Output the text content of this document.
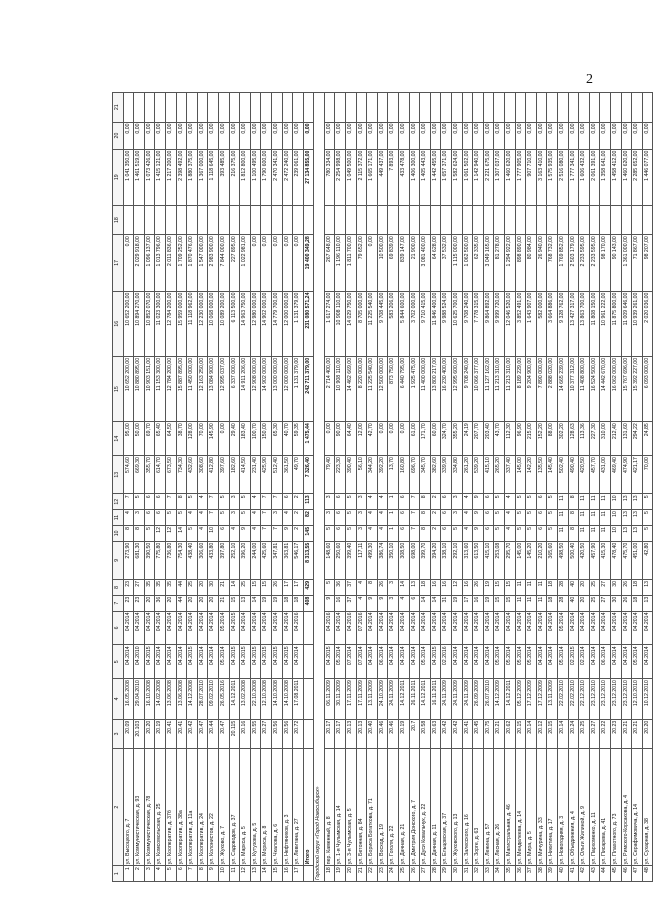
2
1	2	3	4	5	6	7	8	9	10	11	12	13	14	15	16	17	18	19	20	21
1	ул. Высоцкого, д. 7	20.09	16.05.2008	04.2014	04.2014	23	23	273,90	8	4	7	574,60	95,00	10 652 200,00	10 652 200,00	0,00		1 041 350,00	0,00	
2	ул. Коммунистическая, д. 93	20.103	29.04.2010	04.2010	04.2014	23	27	681,30	8	3	5	669,30	50,00	10 880 895,00	10 894 270,00	2 029 918,00		1 461 519,00	0,00	
3	ул. Коммунистическая, д. 78	20.20	16.10.2008	04.2015	04.2014	20	35	390,50	5	6	6	355,70	69,70	10 903 151,00	10 852 070,00	1 096 137,00		1 073 426,00	0,00	
4	ул. Комсомольская, д. 25	20.19	14.02.2008	04.2014	04.2014	36	35	775,80	12	6	6	614,70	65,40	11 153 300,00	11 023 300,00	1 013 796,00		1 415 121,00	0,00	
5	ул. Кооператив, д. 37б	20.41	13.06.2008	04.2014	04.2014	20	35	736,80	12	5	7	673,50	64,50	12 784 200,00	12 784 200,00	2 011 836,00		1 217 200,00	0,00	
6	ул. Кооператив, д. 38а	20.41	13.06.2008	04.2014	04.2014	44	44	754,30	14	5	8	734,30	38,70	15 887 895,00	15 959 000,00	1 709 252,00		2 398 492,00	0,00	
7	ул. Кооператив, д. 11а	20.42	14.12.2008	04.2015	04.2014	20	25	438,40	5	4	5	432,60	128,00	11 450 000,00	11 118 962,00	1 870 476,00		1 880 375,00	0,00	
8	ул. Кооператив, д. 24	20.47	28.07.2010	04.2014	04.2014	20	20	306,60	4	4	4	308,60	70,00	12 163 250,00	12 230 000,00	1 547 000,00		1 367 000,00	0,00	
9	ул. Колонистов, д. 22	20.44	09.02.2010	04.2014	04.2014	20	30	433,80	10	7	7	412,80	145,90	13 084 900,00	10 068 000,00	2 983 900,00		1 118 645,00	0,00	
10	ул. Жуково, д. 7	20.47	26.05.2016	05.2014	05.2014	21	21	397,80	6	5	5	397,60	0,00	12 995 037,00	10 089 200,00	7 844 000,00		393 485,00	0,00	
11	ул. Садоводов, д. 37	20.115	14.12.2011	04.2015	04.2015	15	14	252,10	4	3	3	182,60	29,40	6 337 000,00	6 113 500,00	227 895,00		216 375,00	0,00	
12	ул. Маркса, д. 5	20.16	13.02.2008	04.2015	04.2014	13	25	396,20	9	5	5	414,50	183,40	14 911 206,00	14 963 750,00	1 022 981,00		1 812 800,00	0,00	
13	ул. Кутузова, д. 5	20.55	22.10.2008	04.2015	04.2014	14	15	244,00	4	4	4	231,40	100,70	12 908 000,00	12 980 000,00	0,00		1 100 495,00	0,00	
14	ул. Мориса, д. 8	20.27	12.10.2008	04.2015	04.2014	19	15	425,60	7	7	7	425,90	150,00	14 902 000,00	14 902 000,00	0,00		1 790 600,00	0,00	
15	ул. Чкалова, д. 6	20.56	14.10.2008	04.2015	04.2014	19	26	347,81	7	3	7	512,40	65,30	13 000 000,00	14 779 700,00	0,00		2 470 341,00	0,00	
16	ул. Нефтяников, д. 3	20.56	14.10.2008	04.2015	04.2014	18	17	363,81	9	4	6	361,50	40,70	12 000 000,00	12 000 000,00	0,00		2 472 240,00	0,00	
17	ул. Левитана, д. 27	20.72	17.08.2011	04.2014	04.2016	18	17	546,17	2	2	2	49,70	59,35	1 131 379,00	1 131 379,00	0,00		239 061,00	0,00	
	Итого					408	429	8 313,55	145	82	113	7 326,40	1 475,44	242 711 379,00	231 080 571,24	19 400 349,28		27 134 855,00	0,00	
Городской округ «Город Новосибирск»																				
18	пер. Каменный, д. 8	20.17	06.11.2009	04.2015	04.2016	9	5	148,60	5	3	3	79,40	0,00	2 714 400,00	1 617 274,00	267 648,00		780 334,00	0,00	
19	ул. 1-я Чулымская, д. 14	20.17	30.11.2009	05.2014	04.2014	16	36	250,60	6	6	6	223,30	90,00	10 908 110,00	10 908 110,00	1 196 110,00		2 254 998,00	0,00	
20	ул. 3-я Чулымская, д. 5	20.13	17.11.2009	07.2014	04.2016	37	37	399,40	5	5	5	390,40	64,40	14 462 669,00	14 029 750,00	1 811 700,00		1 049 500,00	0,00	
21	ул. Бетонная, д. 84	20.13	17.11.2009	07.2014	07.2016	4	4	117,11	3	3	3	56,10	12,00	8 220 000,00	8 705 000,00	79 652,00		2 115 372,00	0,00	
22	ул. Бориса Богаткова, д. 71	20.40	13.11.2009	04.2014	04.2014	9	8	499,30	4	4	4	344,20	42,70	11 225 540,00	11 225 540,00	0,00		1 665 171,00	0,00	
23	ул. Восход, д. 19	20.46	24.10.2009	06.2014	04.2014	9	26	386,74	4	4	4	392,20	0,00	12 500 000,00	9 708 445,00	10 500,00		449 437,00	0,00	
24	ул. Гоголя, д. 22	20.46	24.11.2009	04.2014	04.2014	3	3	350,10	1	1	1	13,70	0,00	873 750,00	583 206,00	69 839,00		7 893,00	0,00	
25	ул. Дачная, д. 21	20.19	14.12.2011	04.2014	04.2014	4	14	308,50	6	6	6	160,80	0,00	6 440 795,00	5 844 600,00	839 147,00		433 478,00	0,00	
26	ул. Дмитрия Донского, д. 7	20.7	26.11.2011	04.2014	04.2014	6	13	698,00	7	7	7	696,70	61,00	1 925 475,00	3 702 000,00	21 900,00		1 406 300,00	0,00	
27	ул. Дуси Ковальчук, д. 22	20.58	14.12.2011	05.2014	04.2014	14	18	399,70	8	8	8	345,70	171,70	11 400 000,00	9 710 415,00	3 081 400,00		1 405 443,00	0,00	
28	ул. Дачная, д. 11	20.63	16.11.2011	04.2015	04.2014	14	16	394,20	2	2	2	382,60	60,00	13 800 217,00	11 846 400,00	64 628,00		1 442 455,00	0,00	
29	ул. Ельцовская, д. 37	20.42	24.11.2009	02.2016	04.2014	31	16	338,10	6	6	6	339,90	324,70	16 230 400,00	9 988 524,00	37 532,00		1 657 371,00	0,00	
30	ул. Жуковского, д. 13	20.42	24.11.2009	04.2014	04.2014	19	12	292,10	5	3	3	334,80	355,20	12 995 600,00	10 625 700,00	1 115 000,00		1 582 624,00	0,00	
31	ул. Залесского, д. 16	20.41	24.11.2009	04.2014	04.2014	17	16	313,60	4	4	4	261,20	24,19	9 708 240,00	9 708 240,00	1 062 500,00		1 061 502,00	0,00	
32	ул. Зорге, д. 63	20.45	26.09.2009	04.2014	04.2014	16	26	613,50	9	9	9	539,20	207,70	10 066 377,00	7 778 315,00	62 335,00		1 142 940,00	0,00	
33	ул. Ленина, д. 57	20.75	26.07.2010	04.2014	04.2014	19	19	415,10	6	6	6	415,10	203,40	11 127 162,00	9 864 892,00	3 049 165,00		2 221 675,00	0,00	
34	ул. Лесная, д. 26	20.21	14.12.2009	05.2014	04.2014	15	15	253,08	5	5	5	265,20	43,70	11 213 310,00	9 999 720,00	81 278,00		1 307 037,00	0,00	
35	ул. Магистральная, д. 46	20.62	14.12.2011	05.2014	04.2014	15	15	295,70	4	4	4	337,40	112,30	11 213 310,00	12 046 520,00	1 294 922,00		1 460 620,00	0,00	
36	ул. Менделеева, д. 14	20.15	05.12.2009	05.2014	04.2014	11	11	145,00	5	5	5	145,00	96,90	8 189 229,00	3 852 491,00	898 890,00		1 777 905,00	0,00	
37	ул. Мира, д. 5	20.14	17.12.2009	05.2014	04.2014	11	11	145,20	5	5	5	142,20	215,00	9 204 900,00	1 643 907,00	80 984,00		907 710,00	0,00	
38	ул. Мичурина, д. 33	20.12	17.12.2009	04.2014	04.2014	11	11	210,20	6	6	6	135,50	152,20	7 890 000,00	582 000,00	26 940,00		3 163 410,00	0,00	
39	ул. Никитина, д. 17	20.15	13.11.2009	04.2014	04.2014	18	18	365,60	5	5	5	145,40	88,00	2 888 020,00	3 664 886,00	768 732,00		1 575 935,00	0,00	
40	ул. Новогодняя, д. 3	20.14	22.02.2010	05.2014	05.2014	28	28	498,50	11	11	11	502,40	302,20	14 665 239,00	9 328 762,00	1 769 852,00		2 516 080,00	0,00	
41	ул. Объединения, д. 4	20.24	22.02.2010	02.2015	04.2014	40	40	500,40	8	8	8	490,40	128,63	10 377 312,00	13 427 317,00	2 503 179,00		1 777 341,00	0,00	
42	ул. Ольги Жилиной, д. 9	20.25	22.12.2010	02.2014	04.2014	20	20	420,50	11	11	11	420,50	113,36	11 408 800,00	13 863 700,00	2 233 595,00		1 606 432,00	0,00	
43	ул. Пархоменко, д. 11	20.27	23.12.2010	04.2014	04.2014	25	25	457,90	11	11	11	457,70	227,30	16 524 500,00	11 808 150,00	2 233 595,00		2 061 391,00	0,00	
44	ул. Писарева, д. 41	20.22	23.12.2010	06.2014	04.2014	27	27	415,30	11	11	11	431,00	310,00	14 442 670,00	10 961 222,00	98 170,00		1 358 641,00	0,00	
45	ул. Плахотного, д. 73	20.23	23.12.2010	04.2014	04.2014	30	30	478,40	10	10	10	469,40	212,40	16 062 000,00	11 875 800,00	90 143,00		1 458 412,00	0,00	
46	ул. Римского-Корсакова, д. 4	20.21	23.12.2010	04.2014	04.2014	26	26	475,70	13	13	13	474,90	131,60	15 767 696,00	11 009 646,00	1 361 000,00		1 460 620,00	0,00	
47	ул. Серафимовича, д. 14	20.21	12.10.2010	05.2014	04.2014	18	18	451,00	13	13	13	421,17	294,22	15 392 227,00	10 939 261,00	71 867,00		2 285 652,00	0,00	
48	ул. Сухарная, д. 38	20.20	10.12.2010	04.2014	04.2014	13	13	42,80	5	5	5	70,00	24,85	6 093 000,00	2 020 036,00	98 207,00		1 446 077,00	0,00	
